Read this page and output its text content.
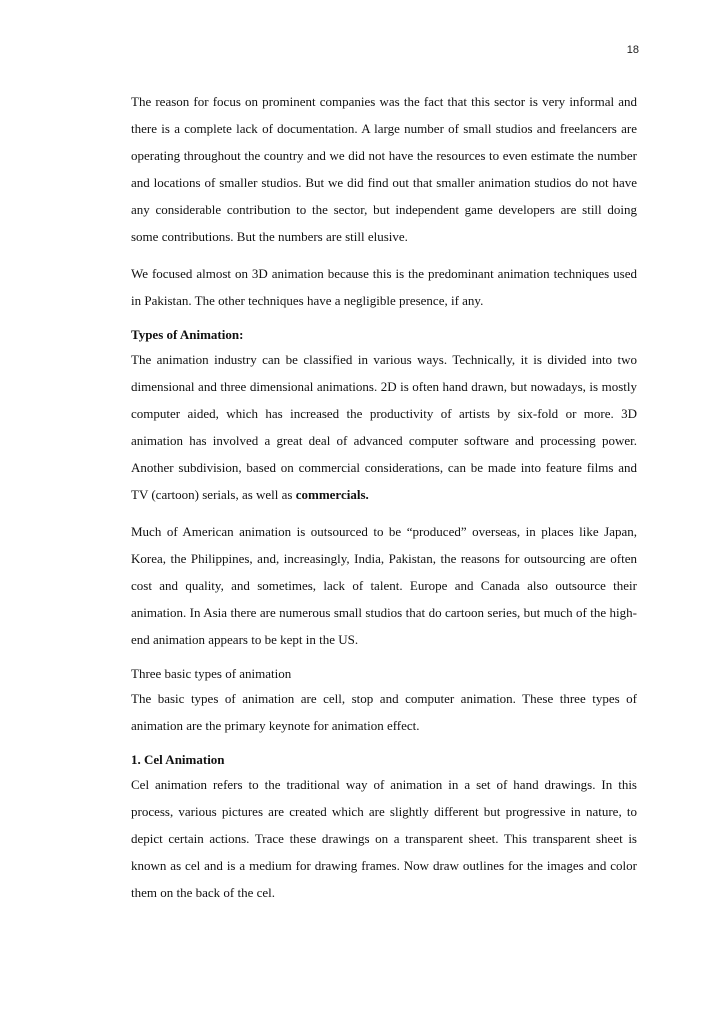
18

The reason for focus on prominent companies was the fact that this sector is very informal and there is a complete lack of documentation. A large number of small studios and freelancers are operating throughout the country and we did not have the resources to even estimate the number and locations of smaller studios. But we did find out that smaller animation studios do not have any considerable contribution to the sector, but independent game developers are still doing some contributions. But the numbers are still elusive.

We focused almost on 3D animation because this is the predominant animation techniques used in Pakistan. The other techniques have a negligible presence, if any.

Types of Animation:

The animation industry can be classified in various ways. Technically, it is divided into two dimensional and three dimensional animations. 2D is often hand drawn, but nowadays, is mostly computer aided, which has increased the productivity of artists by six-fold or more. 3D animation has involved a great deal of advanced computer software and processing power. Another subdivision, based on commercial considerations, can be made into feature films and TV (cartoon) serials, as well as commercials.

Much of American animation is outsourced to be “produced” overseas, in places like Japan, Korea, the Philippines, and, increasingly, India, Pakistan, the reasons for outsourcing are often cost and quality, and sometimes, lack of talent. Europe and Canada also outsource their animation. In Asia there are numerous small studios that do cartoon series, but much of the high-end animation appears to be kept in the US.

Three basic types of animation

The basic types of animation are cell, stop and computer animation. These three types of animation are the primary keynote for animation effect.

1. Cel Animation

Cel animation refers to the traditional way of animation in a set of hand drawings. In this process, various pictures are created which are slightly different but progressive in nature, to depict certain actions. Trace these drawings on a transparent sheet. This transparent sheet is known as cel and is a medium for drawing frames. Now draw outlines for the images and color them on the back of the cel.
